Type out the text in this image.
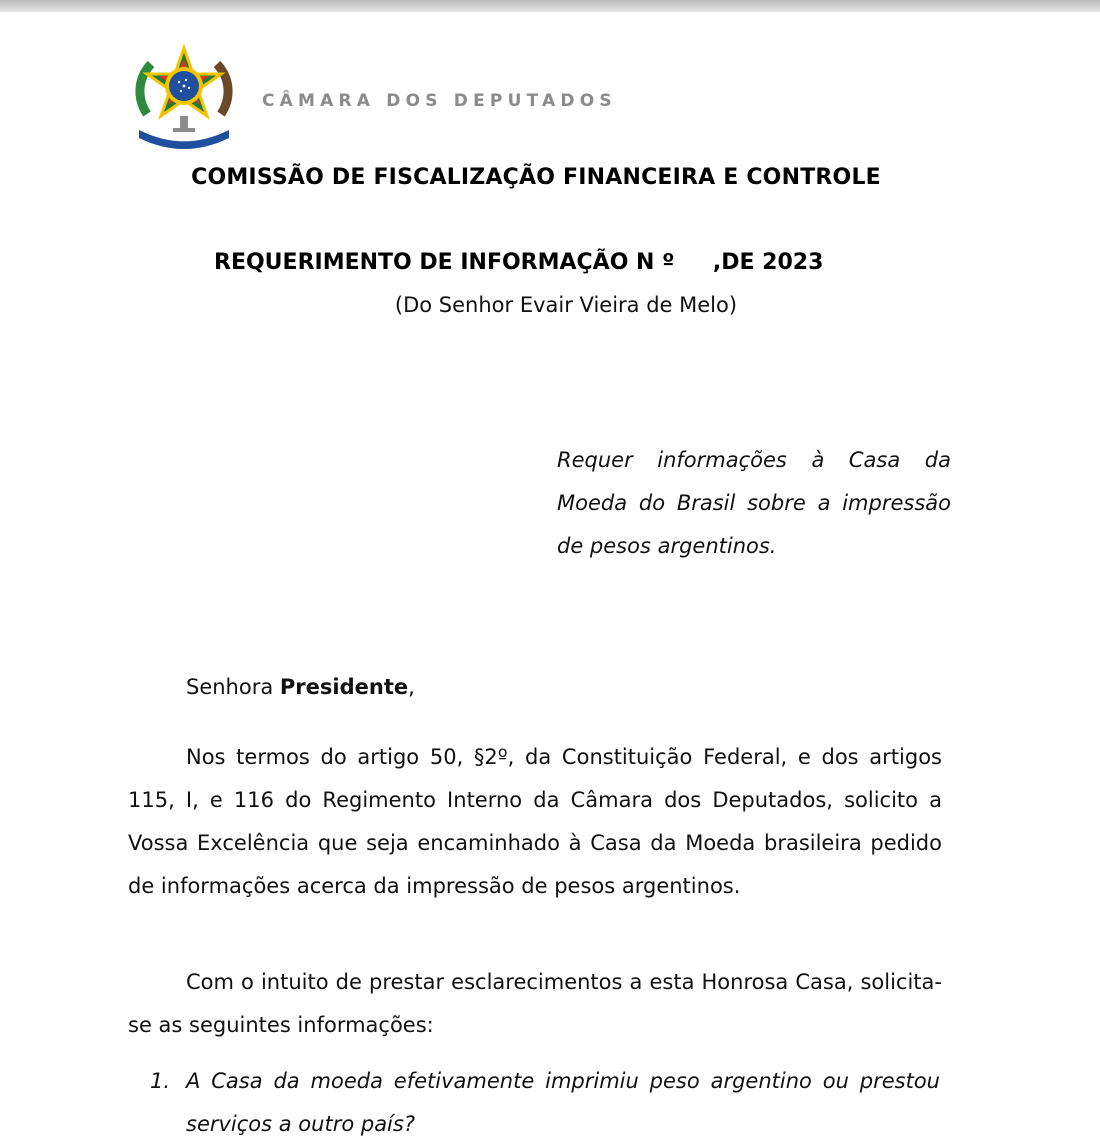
CÂMARA DOS DEPUTADOS
COMISSÃO DE FISCALIZAÇÃO FINANCEIRA E CONTROLE
REQUERIMENTO DE INFORMAÇÃO N º     ,DE 2023
(Do Senhor Evair Vieira de Melo)
Requer informações à Casa da Moeda do Brasil sobre a impressão de pesos argentinos.
Senhora Presidente,
Nos termos do artigo 50, §2º, da Constituição Federal, e dos artigos 115, I, e 116 do Regimento Interno da Câmara dos Deputados, solicito a Vossa Excelência que seja encaminhado à Casa da Moeda brasileira pedido de informações acerca da impressão de pesos argentinos.
Com o intuito de prestar esclarecimentos a esta Honrosa Casa, solicita-se as seguintes informações:
1. A Casa da moeda efetivamente imprimiu peso argentino ou prestou serviços a outro país?
